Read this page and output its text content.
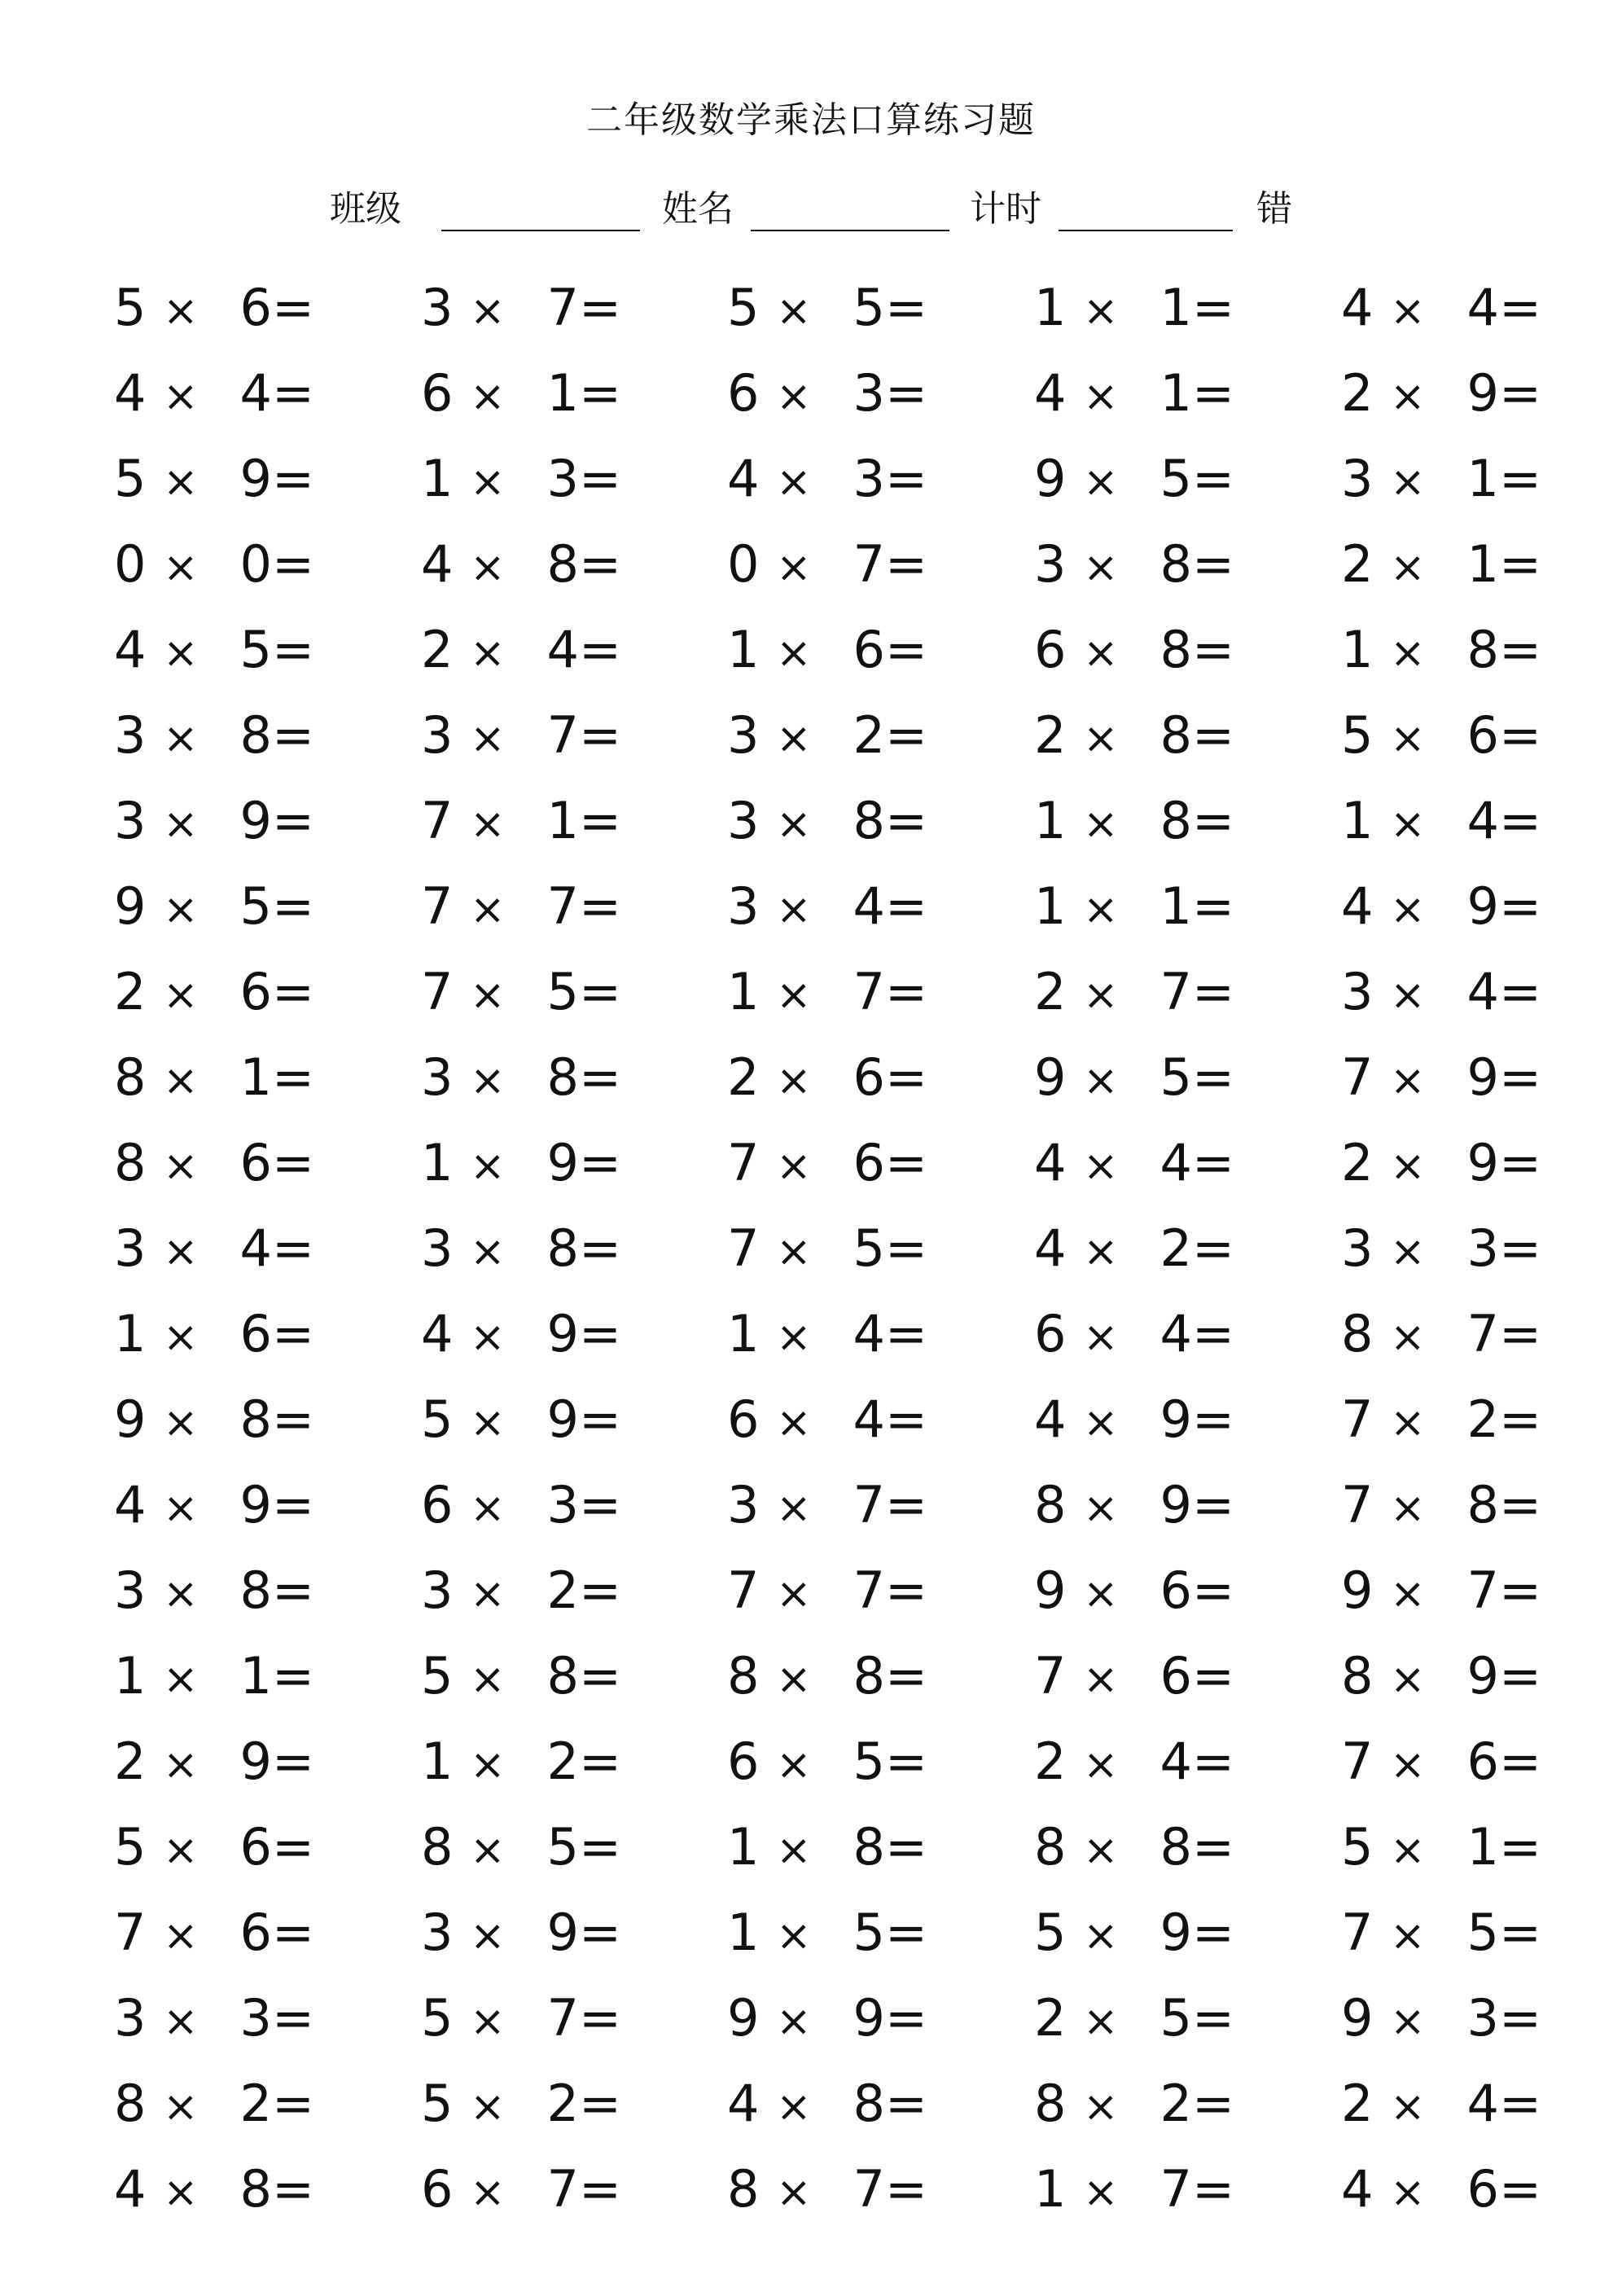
二年级数学乘法口算练习题
班级	姓名	计时	错
5 × 6= 3 × 7= 5 × 5= 1 × 1= 4 × 4=
4 × 4= 6 × 1= 6 × 3= 4 × 1= 2 × 9=
5 × 9= 1 × 3= 4 × 3= 9 × 5= 3 × 1=
0 × 0= 4 × 8= 0 × 7= 3 × 8= 2 × 1=
4 × 5= 2 × 4= 1 × 6= 6 × 8= 1 × 8=
3 × 8= 3 × 7= 3 × 2= 2 × 8= 5 × 6=
3 × 9= 7 × 1= 3 × 8= 1 × 8= 1 × 4=
9 × 5= 7 × 7= 3 × 4= 1 × 1= 4 × 9=
2 × 6= 7 × 5= 1 × 7= 2 × 7= 3 × 4=
8 × 1= 3 × 8= 2 × 6= 9 × 5= 7 × 9=
8 × 6= 1 × 9= 7 × 6= 4 × 4= 2 × 9=
3 × 4= 3 × 8= 7 × 5= 4 × 2= 3 × 3=
1 × 6= 4 × 9= 1 × 4= 6 × 4= 8 × 7=
9 × 8= 5 × 9= 6 × 4= 4 × 9= 7 × 2=
4 × 9= 6 × 3= 3 × 7= 8 × 9= 7 × 8=
3 × 8= 3 × 2= 7 × 7= 9 × 6= 9 × 7=
1 × 1= 5 × 8= 8 × 8= 7 × 6= 8 × 9=
2 × 9= 1 × 2= 6 × 5= 2 × 4= 7 × 6=
5 × 6= 8 × 5= 1 × 8= 8 × 8= 5 × 1=
7 × 6= 3 × 9= 1 × 5= 5 × 9= 7 × 5=
3 × 3= 5 × 7= 9 × 9= 2 × 5= 9 × 3=
8 × 2= 5 × 2= 4 × 8= 8 × 2= 2 × 4=
4 × 8= 6 × 7= 8 × 7= 1 × 7= 4 × 6=
